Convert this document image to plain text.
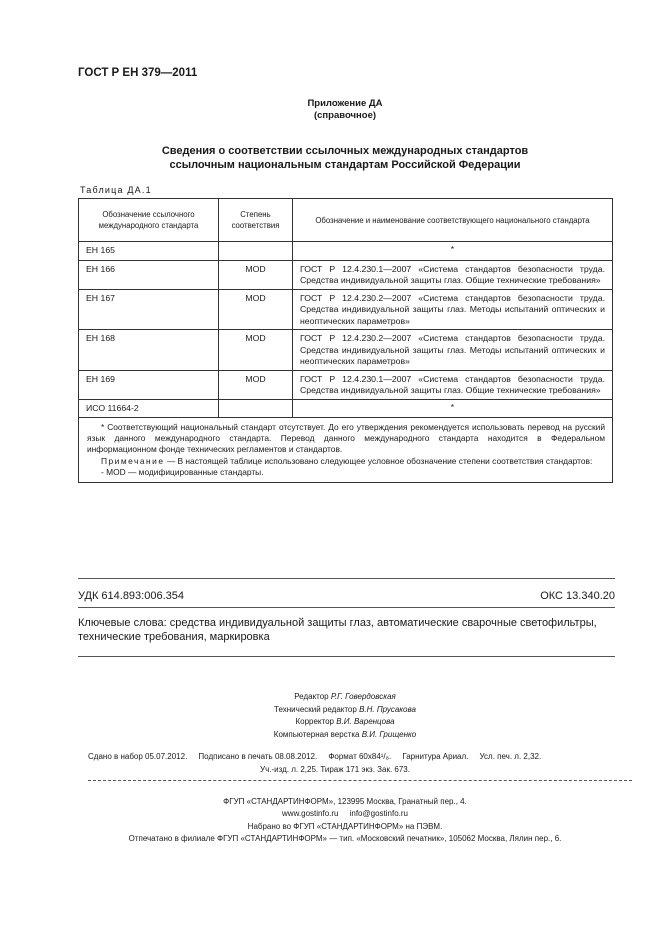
ГОСТ Р ЕН 379—2011
Приложение ДА
(справочное)
Сведения о соответствии ссылочных международных стандартов
ссылочным национальным стандартам Российской Федерации
Таблица ДА.1
Обозначение ссылочного международного стандарта	Степень соответствия	Обозначение и наименование соответствующего национального стандарта
ЕН 165		*
ЕН 166	MOD	ГОСТ Р 12.4.230.1—2007 «Система стандартов безопасности труда. Средства индивидуальной защиты глаз. Общие технические требования»
ЕН 167	MOD	ГОСТ Р 12.4.230.2—2007 «Система стандартов безопасности труда. Средства индивидуальной защиты глаз. Методы испытаний оптических и неоптических параметров»
ЕН 168	MOD	ГОСТ Р 12.4.230.2—2007 «Система стандартов безопасности труда. Средства индивидуальной защиты глаз. Методы испытаний оптических и неоптических параметров»
ЕН 169	MOD	ГОСТ Р 12.4.230.1—2007 «Система стандартов безопасности труда. Средства индивидуальной защиты глаз. Общие технические требования»
ИСО 11664-2		*

* Соответствующий национальный стандарт отсутствует. До его утверждения рекомендуется использовать перевод на русский язык данного международного стандарта. Перевод данного международного стандарта находится в Федеральном информационном фонде технических регламентов и стандартов.
Примечание — В настоящей таблице использовано следующее условное обозначение степени соответствия стандартов:
- MOD — модифицированные стандарты.		
УДК 614.893:006.354	ОКС 13.340.20
Ключевые слова: средства индивидуальной защиты глаз, автоматические сварочные светофильтры, технические требования, маркировка
Редактор Р.Г. Говердовская
Технический редактор В.Н. Прусакова
Корректор В.И. Варенцова
Компьютерная верстка В.И. Грищенко
Сдано в набор 05.07.2012. Подписано в печать 08.08.2012. Формат 60x84¹/₈. Гарнитура Ариал. Усл. печ. л. 2,32.
Уч.-изд. л. 2,25. Тираж 171 экз. Зак. 673.
ФГУП «СТАНДАРТИНФОРМ», 123995 Москва, Гранатный пер., 4.
www.gostinfo.ru     info@gostinfo.ru
Набрано во ФГУП «СТАНДАРТИНФОРМ» на ПЭВМ.
Отпечатано в филиале ФГУП «СТАНДАРТИНФОРМ» — тип. «Московский печатник», 105062 Москва, Лялин пер., 6.
